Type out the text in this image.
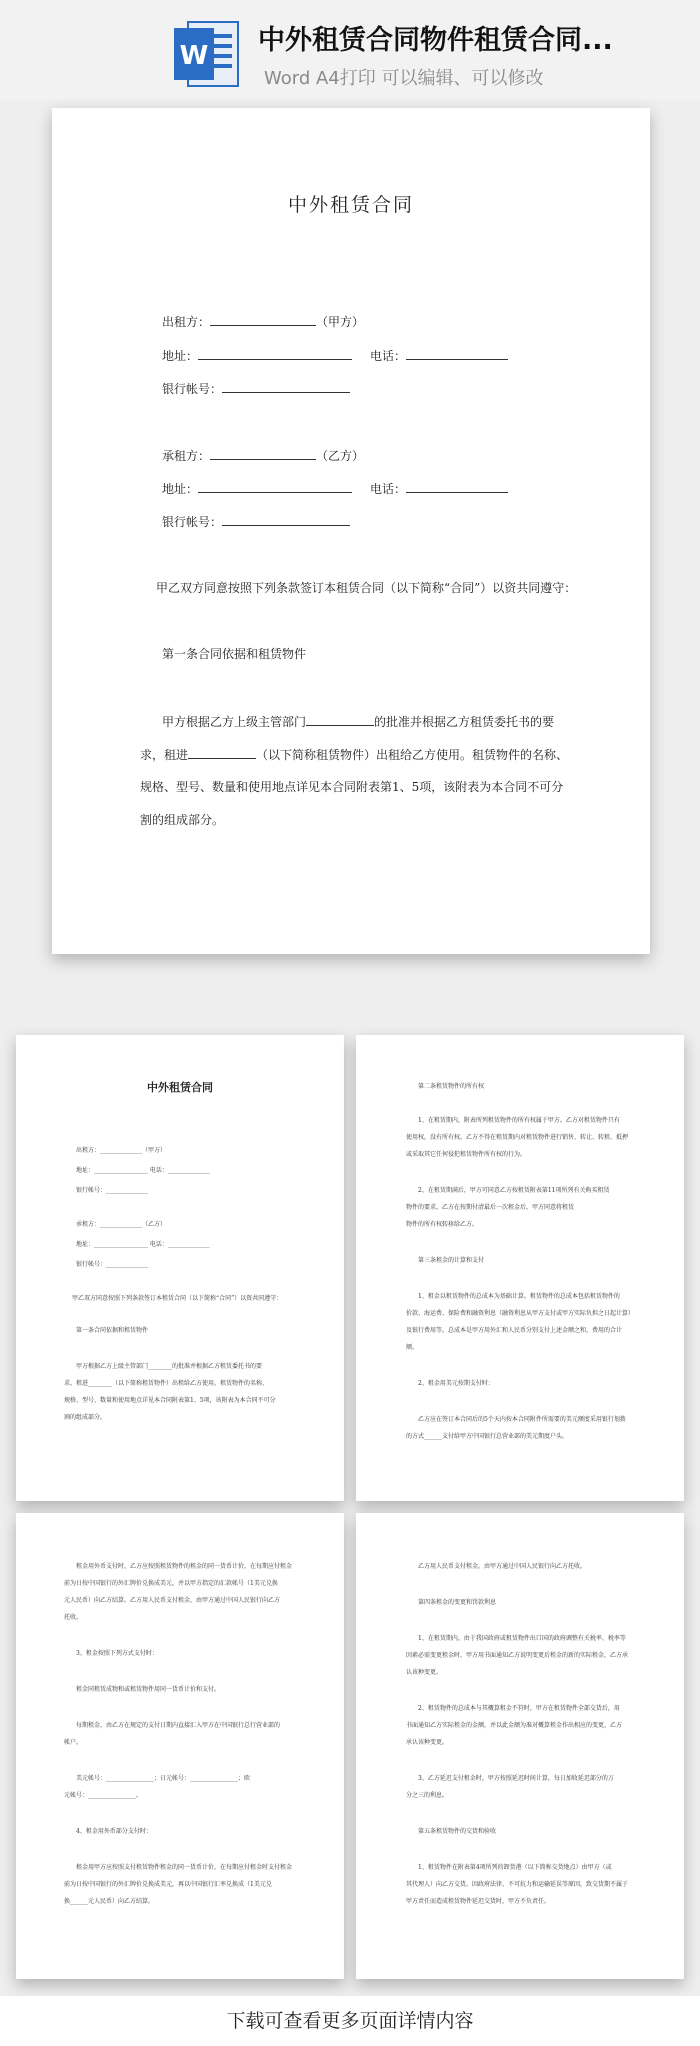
W 中外租赁合同物件租赁合同...
Word A4打印 可以编辑、可以修改
中外租赁合同
出租方：	（甲方）
地址：	电话：
银行帐号：
承租方：	（乙方）
地址：	电话：
银行帐号：
甲乙双方同意按照下列条款签订本租赁合同（以下简称“合同”）以资共同遵守：
第一条合同依据和租赁物件
甲方根据乙方上级主管部门	的批准并根据乙方租赁委托书的要
求，租进	（以下简称租赁物件）出租给乙方使用。租赁物件的名称、
规格、型号、数量和使用地点详见本合同附表第1、5项，该附表为本合同不可分
割的组成部分。
中外租赁合同
出租方：______________（甲方）
地址：__________________ 电话：______________
银行帐号：______________
承租方：______________（乙方）
地址：__________________ 电话：______________
银行帐号：______________
甲乙双方同意按照下列条款签订本租赁合同（以下简称“合同”）以资共同遵守：
第一条合同依据和租赁物件
甲方根据乙方上级主管部门________的批准并根据乙方租赁委托书的要
求，租进________（以下简称租赁物件）出租给乙方使用。租赁物件的名称、
规格、型号、数量和使用地点详见本合同附表第1、5项，该附表为本合同不可分
割的组成部分。
第二条租赁物件的所有权
1、在租赁期内，附表所列租赁物件的所有权属于甲方。乙方对租赁物件只有
使用权，没有所有权。乙方不得在租赁期内对租赁物件进行销售、转让、转租、抵押
或采取其它任何侵犯租赁物件所有权的行为。
2、在租赁期满后，甲方可同意乙方按租赁附表第11项所列有关购买租赁
物件的要求，乙方在按期付清最后一次租金后，甲方同意将租赁
物件的所有权转移给乙方。
第三条租金的计算和支付
1、租金以租赁物件的总成本为基础计算。租赁物件的总成本包括租赁物件的
价款、海运费、保险费和融资利息（融资利息从甲方支付或甲方实际负担之日起计算）
及银行费用等。总成本是甲方用外汇和人民币分别支付上述金额之和，费用的合计
额。
2、租金用美元按期支付时：
乙方应在签订本合同后的5个天内按本合同附件所需要的美元额度采用银行划拨
的方式______支付给甲方中国银行总营业部的美元期度户头。
租金用外币支付时，乙方应按照租赁物件的租金的同一货币计价，在每期应付租金
前为日按中国银行的外汇牌价兑换成美元，并以甲方指定的汇款帐号（1美元兑换
元人民币）向乙方结算。乙方用人民币支付租金，由甲方通过中国人民银行向乙方
托收。
3、租金按照下列方式支付时：
租金同租赁成物和或租赁物件用同一货币计价和支付。
每期租金，由乙方在规定的支付日期内直接汇入甲方在中国银行总行营业部的
帐户。
美元帐号：________________；日元帐号：________________；欧
元帐号：________________。
4、租金用外币部分支付时：
租金用甲方应按照支付租赁物件租金的同一货币计价，在每期应付租金时支付租金
前为日按中国银行的外汇牌价兑换成美元，再以中国银行汇率兑换成（1美元兑
换______元人民币）向乙方结算。
乙方用人民币支付租金，由甲方通过中国人民银行向乙方托收。
第四条租金的变更和罚款利息
1、在租赁期内，由于我国政府或租赁物件出口国的政府调整有关税率、税率等
因素必需变更租金时，甲方用书面通知乙方说明变更后租金的新的实际租金，乙方承
认该种变更。
2、租赁物件的总成本与其概算租金不符时，甲方在租赁物件全部交货后，用
书面通知乙方实际租金的金额，并以此金额为准对概算租金作出相应的变更，乙方
承认该种变更。
3、乙方延迟支付租金时，甲方按照延迟时间计算，每日加收延迟部分的万
分之三的利息。
第五条租赁物件的交货和验收
1、租赁物件在附表第4项所列的卸货港（以下简称交货地点）由甲方（或
其代理人）向乙方交货。因政府法律、不可抗力和运输延误等原因，致交货期不属于
甲方责任而造成租赁物件延迟交货时，甲方不负责任。
下载可查看更多页面详情内容
